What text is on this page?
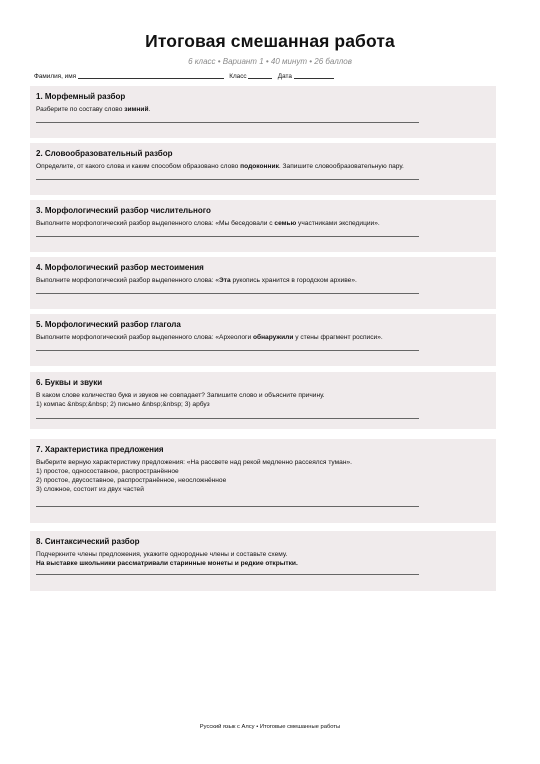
Итоговая смешанная работа
6 класс • Вариант 1 • 40 минут • 26 баллов
Фамилия, имя	Класс	Дата
1. Морфемный разбор
Разберите по составу слово зимний.
2. Словообразовательный разбор
Определите, от какого слова и каким способом образовано слово подоконник. Запишите словообразовательную пару.
3. Морфологический разбор числительного
Выполните морфологический разбор выделенного слова: «Мы беседовали с семью участниками экспедиции».
4. Морфологический разбор местоимения
Выполните морфологический разбор выделенного слова: «Эта рукопись хранится в городском архиве».
5. Морфологический разбор глагола
Выполните морфологический разбор выделенного слова: «Археологи обнаружили у стены фрагмент росписи».
6. Буквы и звуки
В каком слове количество букв и звуков не совпадает? Запишите слово и объясните причину.
1) компас &nbsp;&nbsp; 2) письмо &nbsp;&nbsp; 3) арбуз
7. Характеристика предложения
Выберите верную характеристику предложения: «На рассвете над рекой медленно рассеялся туман».
1) простое, односоставное, распространённое
2) простое, двусоставное, распространённое, неосложнённое
3) сложное, состоит из двух частей
8. Синтаксический разбор
Подчеркните члены предложения, укажите однородные члены и составьте схему.
На выставке школьники рассматривали старинные монеты и редкие открытки.
Русский язык с Алсу • Итоговые смешанные работы
